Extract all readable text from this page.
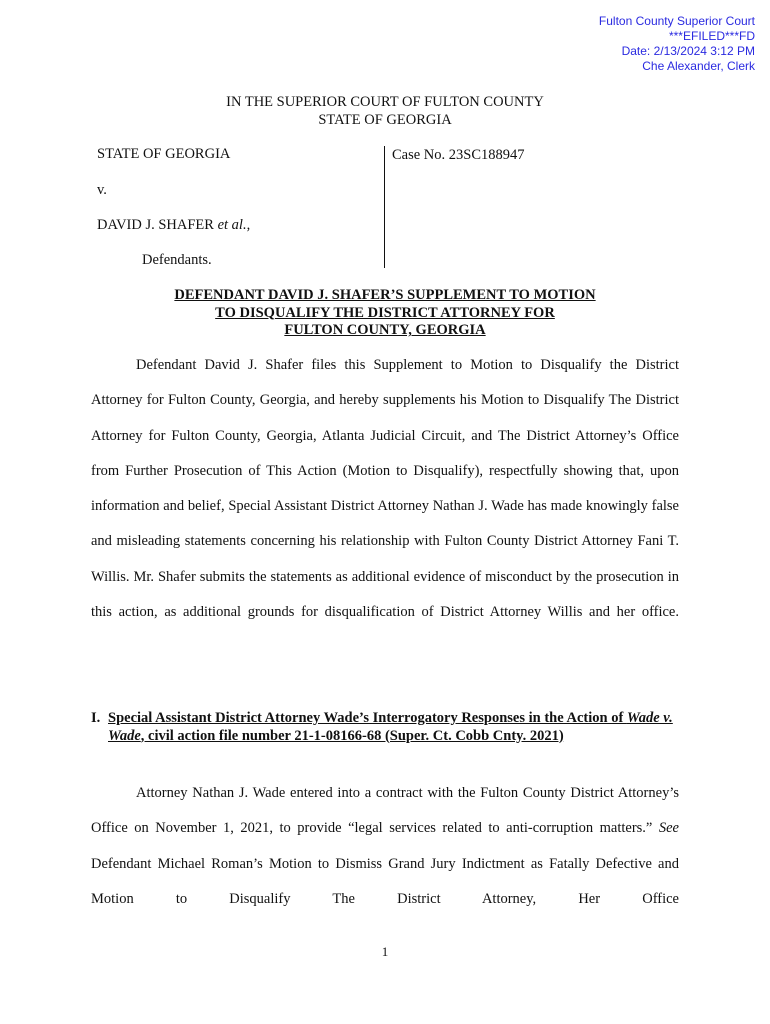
Fulton County Superior Court
***EFILED***FD
Date: 2/13/2024 3:12 PM
Che Alexander, Clerk
IN THE SUPERIOR COURT OF FULTON COUNTY
STATE OF GEORGIA
STATE OF GEORGIA
v.
DAVID J. SHAFER et al.,
Defendants.
Case No. 23SC188947
DEFENDANT DAVID J. SHAFER’S SUPPLEMENT TO MOTION
TO DISQUALIFY THE DISTRICT ATTORNEY FOR
FULTON COUNTY, GEORGIA
Defendant David J. Shafer files this Supplement to Motion to Disqualify the District Attorney for Fulton County, Georgia, and hereby supplements his Motion to Disqualify The District Attorney for Fulton County, Georgia, Atlanta Judicial Circuit, and The District Attorney’s Office from Further Prosecution of This Action (Motion to Disqualify), respectfully showing that, upon information and belief, Special Assistant District Attorney Nathan J. Wade has made knowingly false and misleading statements concerning his relationship with Fulton County District Attorney Fani T. Willis. Mr. Shafer submits the statements as additional evidence of misconduct by the prosecution in this action, as additional grounds for disqualification of District Attorney Willis and her office.
I. Special Assistant District Attorney Wade’s Interrogatory Responses in the Action of Wade v. Wade, civil action file number 21-1-08166-68 (Super. Ct. Cobb Cnty. 2021)
Attorney Nathan J. Wade entered into a contract with the Fulton County District Attorney’s Office on November 1, 2021, to provide “legal services related to anti-corruption matters.” See Defendant Michael Roman’s Motion to Dismiss Grand Jury Indictment as Fatally Defective and Motion to Disqualify The District Attorney, Her Office
1
